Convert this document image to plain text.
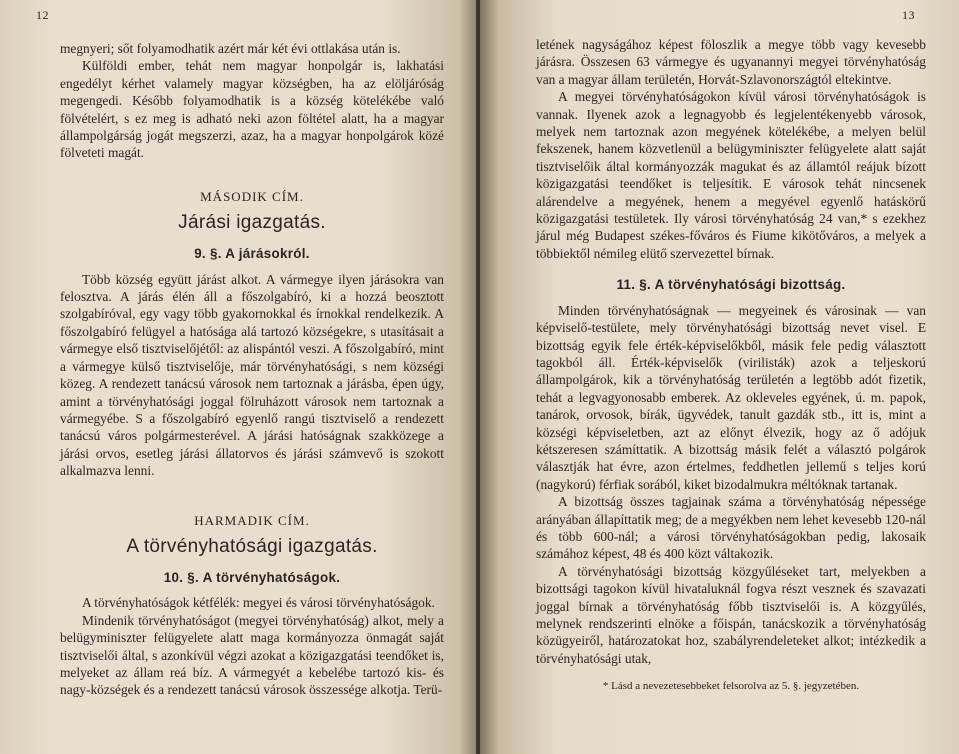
12

megnyeri; sőt folyamodhatik azért már két évi ottlakása után is.

Külföldi ember, tehát nem magyar honpolgár is, lakhatási engedélyt kérhet valamely magyar községben, ha az elöljáróság megengedi. Később folyamodhatik is a község kötelékébe való fölvételért, s ez meg is adható neki azon föltétel alatt, ha a magyar állampolgárság jogát megszerzi, azaz, ha a magyar honpolgárok közé fölveteti magát.

MÁSODIK CÍM.
Járási igazgatás.
9. §. A járásokról.

Több község együtt járást alkot. A vármegye ilyen járásokra van felosztva. A járás élén áll a főszolgabíró, ki a hozzá beosztott szolgabíróval, egy vagy több gyakornokkal és írnokkal rendelkezik. A főszolgabíró felügyel a hatósága alá tartozó községekre, s utasításait a vármegye első tisztviselőjétől: az alispántól veszi. A főszolgabíró, mint a vármegye külső tisztviselője, már törvényhatósági, s nem községi közeg. A rendezett tanácsú városok nem tartoznak a járásba, épen úgy, amint a törvényhatósági joggal fölruházott városok nem tartoznak a vármegyébe. S a főszolgabíró egyenlő rangú tisztviselő a rendezett tanácsú város polgármesterével. A járási hatóságnak szakközege a járási orvos, esetleg járási állatorvos és járási számvevő is szokott alkalmazva lenni.

HARMADIK CÍM.
A törvényhatósági igazgatás.
10. §. A törvényhatóságok.

A törvényhatóságok kétfélék: megyei és városi törvényhatóságok.

Mindenik törvényhatóságot (megyei törvényhatóság) alkot, mely a belügyminiszter felügyelete alatt maga kormányozza önmagát saját tisztviselői által, s azonkívül végzi azokat a közigazgatási teendőket is, melyeket az állam reá bíz. A vármegyét a kebelébe tartozó kis- és nagy-községek és a rendezett tanácsú városok összessége alkotja. Terü-

13

letének nagyságához képest föloszlik a megye több vagy kevesebb járásra. Összesen 63 vármegye és ugyanannyi megyei törvényhatóság van a magyar állam területén, Horvát-Szlavonországtól eltekintve.

A megyei törvényhatóságokon kívül városi törvényhatóságok is vannak. Ilyenek azok a legnagyobb és legjelentékenyebb városok, melyek nem tartoznak azon megyének kötelékébe, a melyen belül fekszenek, hanem közvetlenül a belügyminiszter felügyelete alatt saját tisztviselőik által kormányozzák magukat és az államtól reájuk bízott közigazgatási teendőket is teljesítik. E városok tehát nincsenek alárendelve a megyének, henem a megyével egyenlő hatáskörű közigazgatási testületek. Ily városi törvényhatóság 24 van,* s ezekhez járul még Budapest székes-főváros és Fiume kikötőváros, a melyek a többiektől némileg elütő szervezettel bírnak.

11. §. A törvényhatósági bizottság.

Minden törvényhatóságnak — megyeinek és városinak — van képviselő-testülete, mely törvényhatósági bizottság nevet visel. E bizottság egyik fele érték-képviselőkből, másik fele pedig választott tagokból áll. Érték-képviselők (virilisták) azok a teljeskorú állampolgárok, kik a törvényhatóság területén a legtöbb adót fizetik, tehát a legvagyonosabb emberek. Az okleveles egyének, ú. m. papok, tanárok, orvosok, bírák, ügyvédek, tanult gazdák stb., itt is, mint a községi képviseletben, azt az előnyt élvezik, hogy az ő adójuk kétszeresen számíttatik. A bizottság másik felét a választó polgárok választják hat évre, azon értelmes, feddhetlen jellemű s teljes korú (nagykorú) férfiak sorából, kiket bizodalmukra méltóknak tartanak.

A bizottság összes tagjainak száma a törvényhatóság népessége arányában állapíttatik meg; de a megyékben nem lehet kevesebb 120-nál és több 600-nál; a városi törvényhatóságokban pedig, lakosaik számához képest, 48 és 400 közt váltakozik.

A törvényhatósági bizottság közgyűléseket tart, melyekben a bizottsági tagokon kívül hivataluknál fogva részt vesznek és szavazati joggal bírnak a törvényhatóság főbb tisztviselői is. A közgyűlés, melynek rendszerinti elnöke a főispán, tanácskozik a törvényhatóság közügyeiről, határozatokat hoz, szabályrendeleteket alkot; intézkedik a törvényhatósági utak,

* Lásd a nevezetesebbeket felsorolva az 5. §. jegyzetében.
